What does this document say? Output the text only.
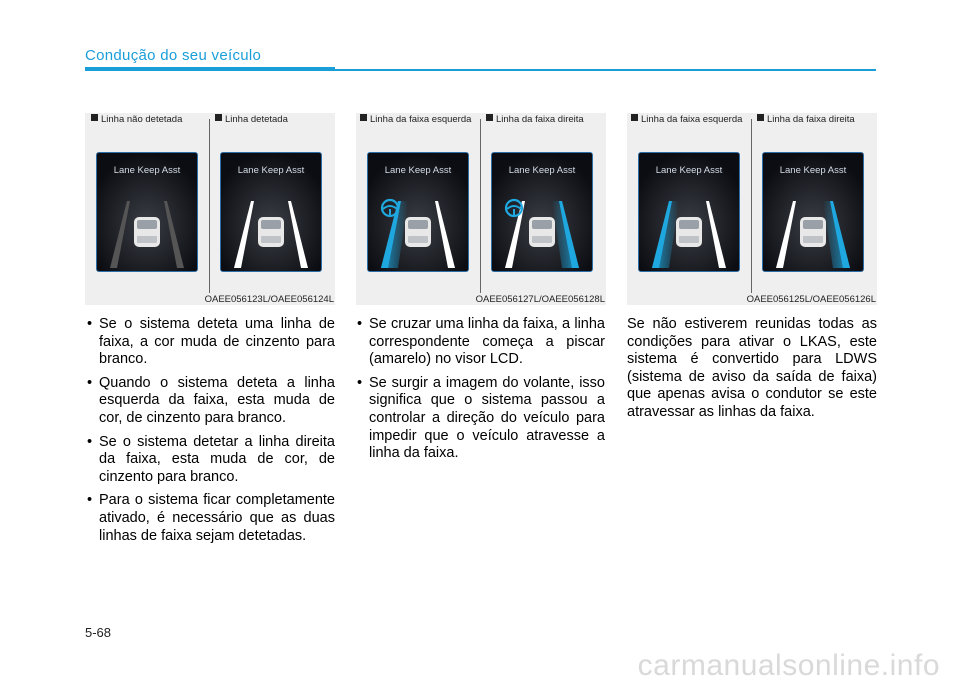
Condução do seu veículo
Linha não detetada	Linha detetada
Lane Keep Asst	Lane Keep Asst
OAEE056123L/OAEE056124L
Linha da faixa esquerda	Linha da faixa direita
Lane Keep Asst	Lane Keep Asst
OAEE056127L/OAEE056128L
Linha da faixa esquerda	Linha da faixa direita
Lane Keep Asst	Lane Keep Asst
OAEE056125L/OAEE056126L
• Se o sistema deteta uma linha de faixa, a cor muda de cinzento para branco.
• Quando o sistema deteta a linha esquerda da faixa, esta muda de cor, de cinzento para branco.
• Se o sistema detetar a linha direita da faixa, esta muda de cor, de cinzento para branco.
• Para o sistema ficar completamente ativado, é necessário que as duas linhas de faixa sejam detetadas.
• Se cruzar uma linha da faixa, a linha correspondente começa a piscar (amarelo) no visor LCD.
• Se surgir a imagem do volante, isso significa que o sistema passou a controlar a direção do veículo para impedir que o veículo atravesse a linha da faixa.

Se não estiverem reunidas todas as condições para ativar o LKAS, este sistema é convertido para LDWS (sistema de aviso da saída de faixa) que apenas avisa o condutor se este atravessar as linhas da faixa.

5-68
carmanualsonline.info
